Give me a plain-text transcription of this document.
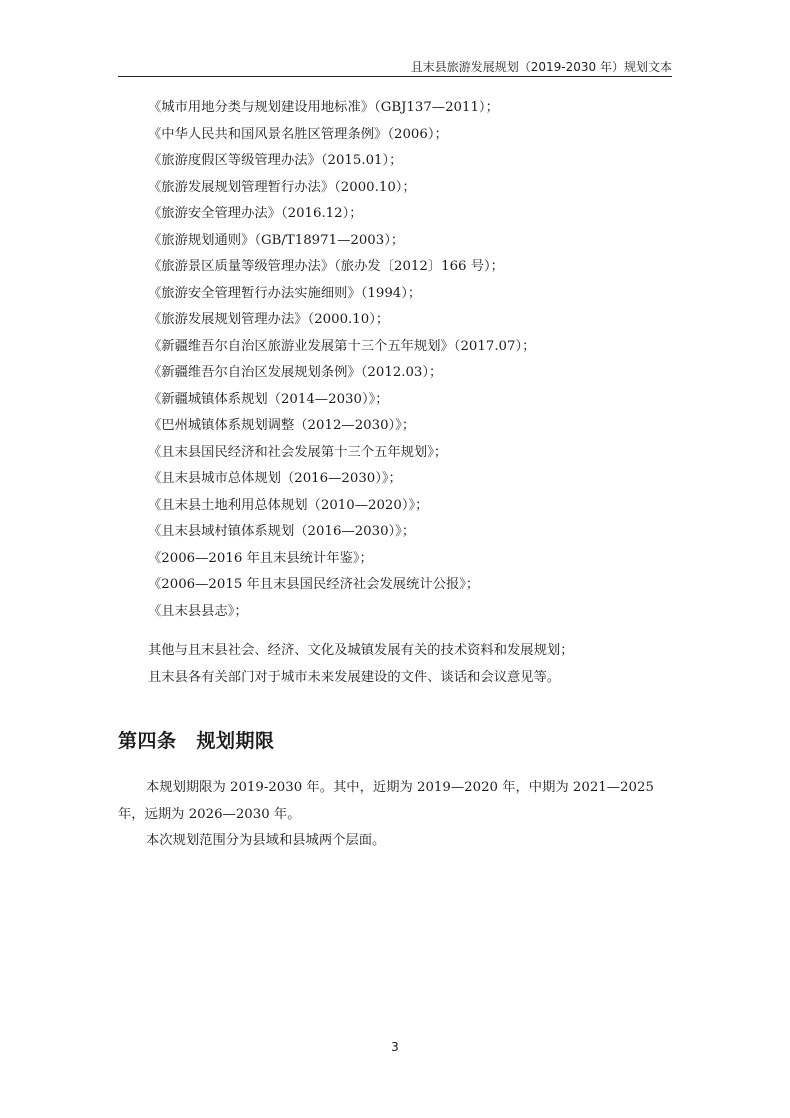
且末县旅游发展规划（2019-2030 年）规划文本
《城市用地分类与规划建设用地标准》（GBJ137—2011）；
《中华人民共和国风景名胜区管理条例》（2006）；
《旅游度假区等级管理办法》（2015.01）；
《旅游发展规划管理暂行办法》（2000.10）；
《旅游安全管理办法》（2016.12）；
《旅游规划通则》（GB/T18971—2003）；
《旅游景区质量等级管理办法》（旅办发〔2012〕166 号）；
《旅游安全管理暂行办法实施细则》（1994）；
《旅游发展规划管理办法》（2000.10）；
《新疆维吾尔自治区旅游业发展第十三个五年规划》（2017.07）；
《新疆维吾尔自治区发展规划条例》（2012.03）；
《新疆城镇体系规划（2014—2030）》；
《巴州城镇体系规划调整（2012—2030）》；
《且末县国民经济和社会发展第十三个五年规划》；
《且末县城市总体规划（2016—2030）》；
《且末县土地利用总体规划（2010—2020）》；
《且末县域村镇体系规划（2016—2030）》；
《2006—2016 年且末县统计年鉴》；
《2006—2015 年且末县国民经济社会发展统计公报》；
《且末县县志》；
其他与且末县社会、经济、文化及城镇发展有关的技术资料和发展规划；
且末县各有关部门对于城市未来发展建设的文件、谈话和会议意见等。
第四条 规划期限
本规划期限为 2019-2030 年。其中，近期为 2019—2020 年，中期为 2021—2025 年，远期为 2026—2030 年。
本次规划范围分为县域和县城两个层面。
3
